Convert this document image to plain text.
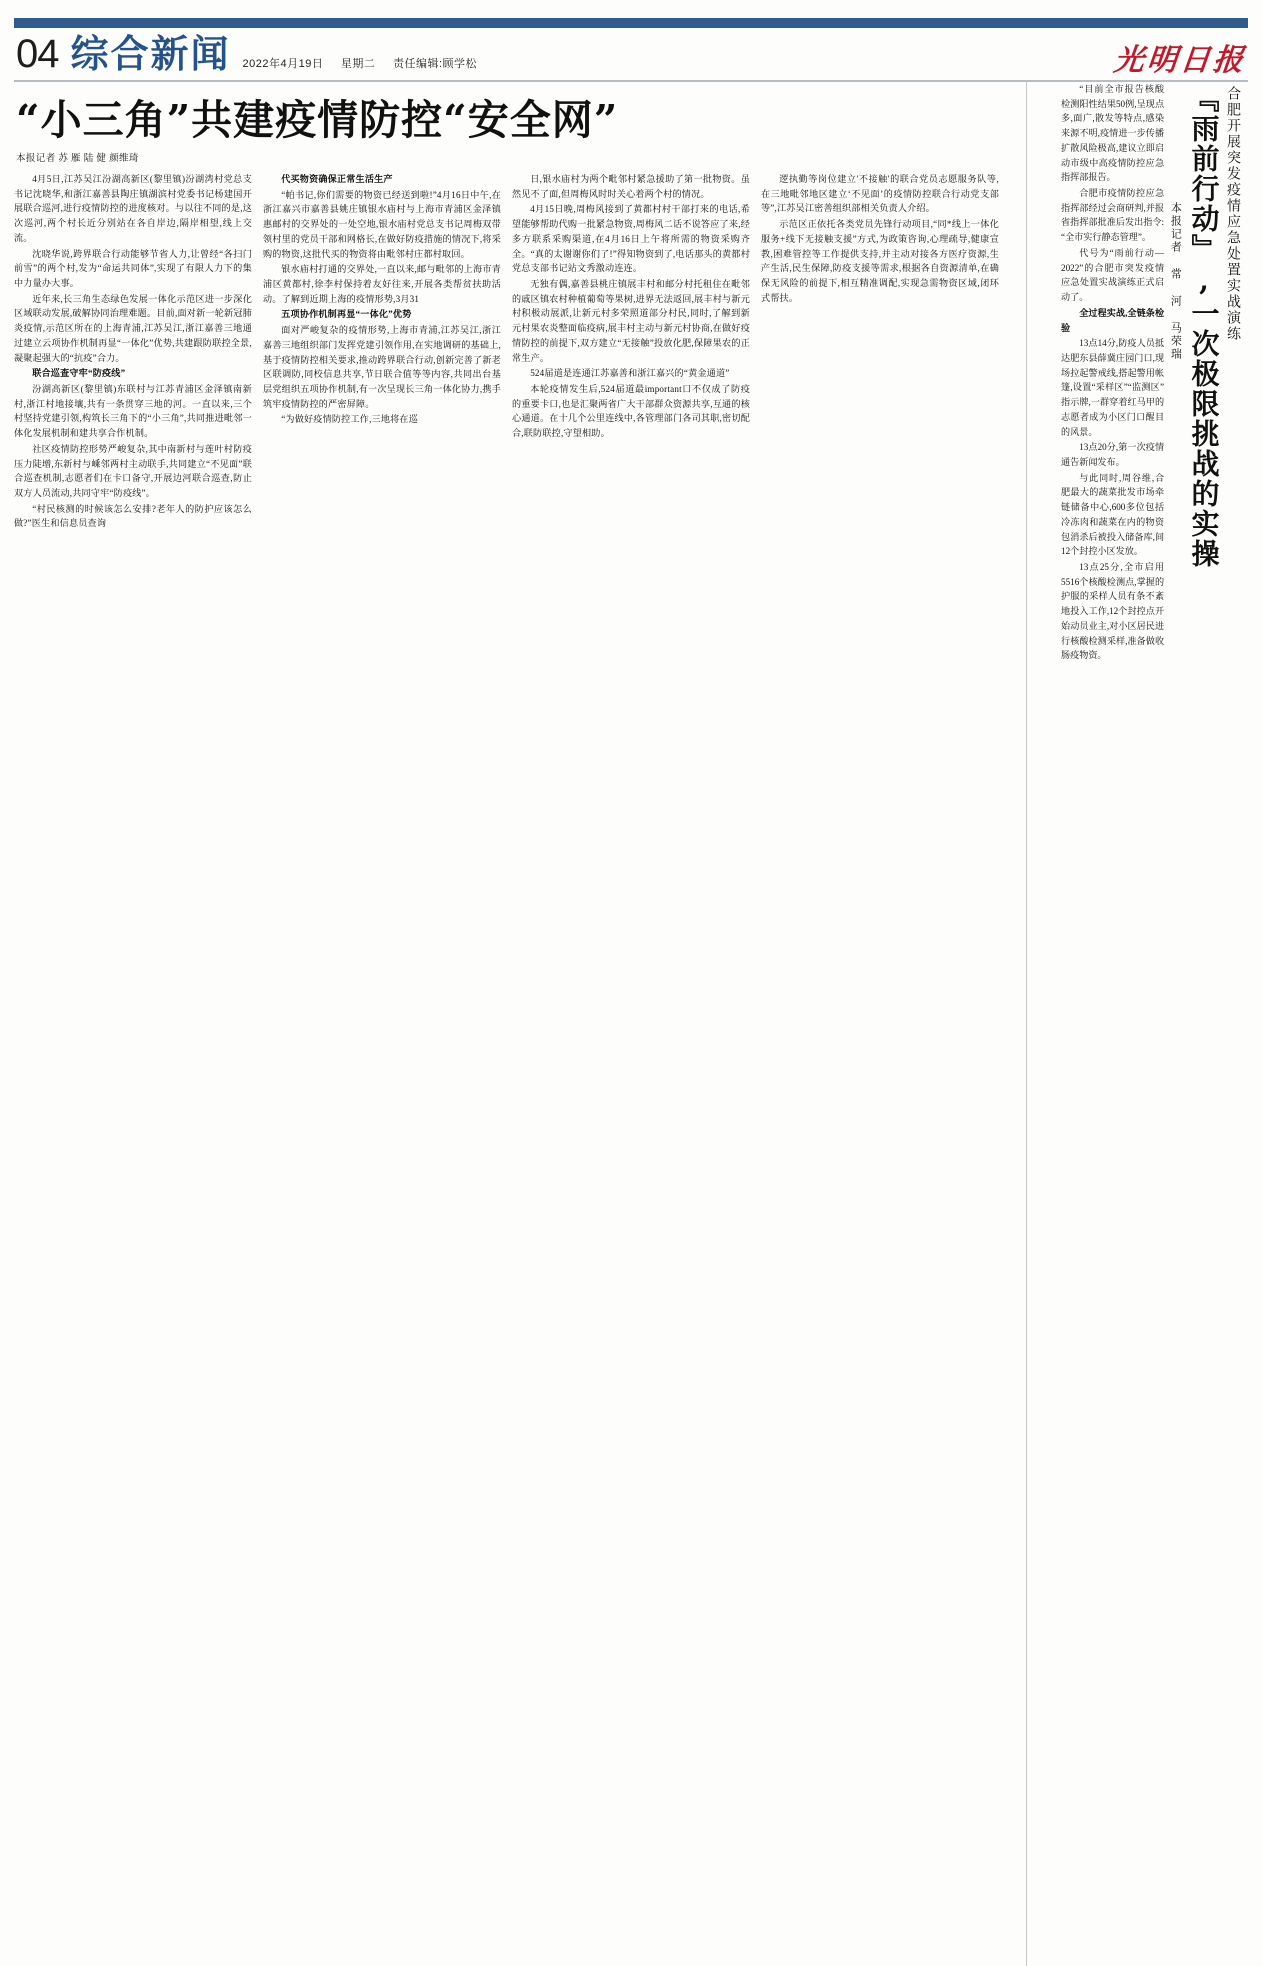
04 综合新闻 2022年4月19日 星期二 责任编辑:顾学松	光明日报
“小三角”共建疫情防控“安全网”
本报记者 苏 雁 陆 健 颜维琦

4月5日,江苏吴江汾湖高新区(黎里镇)汾湖湾村党总支书记沈晓华,和浙江嘉善县陶庄镇湖滨村党委书记杨建国开展联合巡河,进行疫情防控的进度核对。与以往不同的是,这次巡河,两个村长近分别站在各自岸边,隔岸相望,线上交流。

沈晓华说,跨界联合行动能够节省人力,让曾经“各扫门前雪”的两个村,发为“命运共同体”,实现了有限人力下的集中力量办大事。

近年来,长三角生态绿色发展一体化示范区进一步深化区域联动发展,破解协同治理难题。目前,面对新一轮新冠肺炎疫情,示范区所在的上海青浦,江苏吴江,浙江嘉善三地通过建立云项协作机制再显“一体化”优势,共建跟防联控全景,凝聚起强大的“抗疫”合力。

联合巡查守牢“防疫线”

汾湖高新区(黎里镇)东联村与江苏青浦区金泽镇南新村,浙江村地接壤,共有一条贯穿三地的河。一直以来,三个村坚持党建引领,构筑长三角下的“小三角”,共同推进毗邻一体化发展机制和建共享合作机制。

社区疫情防控形势严峻复杂,其中南新村与莲叶村防疫压力陡增,东新村与嵊邻两村主动联手,共同建立“不见面”联合巡查机制,志愿者们在卡口备守,开展边河联合巡查,防止双方人员流动,共同守牢“防疫线”。

“村民核测的时候该怎么安排?老年人的防护应该怎么做?”医生和信息员查询

代买物资确保正常生活生产

“帕书记,你们需要的物资已经送到啦!”4月16日中午,在浙江嘉兴市嘉善县姚庄镇银水庙村与上海市青浦区金泽镇惠邮村的交界处的一处空地,银水庙村党总支书记周梅双带领村里的党员干部和网格长,在做好防疫措施的情况下,将采购的物资,这批代买的物资将由毗邻村庄都村取回。

银水庙村打通的交界处,一直以来,邮与毗邻的上海市青浦区黄都村,徐李村保持着友好往来,开展各类帮贫扶助活动。了解到近期上海的疫情形势,3月31

五项协作机制再显“一体化”优势

面对严峻复杂的疫情形势,上海市青浦,江苏吴江,浙江嘉善三地组织部门发挥党建引领作用,在实地调研的基础上,基于疫情防控相关要求,推动跨界联合行动,创新完善了新老区联调防,同校信息共享,节日联合值等等内容,共同出台基层党组织五项协作机制,有一次呈现长三角一体化协力,携手筑牢疫情防控的严密屏障。

“为做好疫情防控工作,三地将在巡

日,银水庙村为两个毗邻村紧急援助了第一批物资。虽然见不了面,但周梅风时时关心着两个村的情况。

4月15日晚,周梅风接到了黄都村村干部打来的电话,希望能够帮助代购一批紧急物资,周梅风二话不说答应了来,经多方联系采购渠道,在4月16日上午将所需的物资采购齐全。“真的太谢谢你们了!”得知物资到了,电话那头的黄都村党总支部书记站文秀激动连连。

无独有偶,嘉善县桃庄镇展丰村和邮分村托租住在毗邻的戚区镇农村种植葡萄等果树,进界无法返回,展丰村与新元村积极动展派,让新元村多荣照道部分村民,同时,了解到新元村果农炎整面临疫病,展丰村主动与新元村协商,在做好疫情防控的前提下,双方建立“无接触”投放化肥,保障果农的正常生产。

524届道是连通江苏嘉善和浙江嘉兴的“黄金通道”

本轮疫情发生后,524届道最important口不仅成了防疫的重要卡口,也是汇聚两省广大干部群众资源共享,互通的核心通道。在十几个公里连线中,各管理部门各司其职,密切配合,联防联控,守望相助。

逻执勤等岗位建立'不接触'的联合党员志愿服务队等,在三地毗邻地区建立‘不见面’的疫情防控联合行动党支部等”,江苏吴江密善组织部相关负责人介绍。

示范区正依托各类党员先锋行动项目,“同*线上一体化服务+线下无接触支援”方式,为政策咨询,心理疏导,健康宣教,困难管控等工作提供支持,并主动对接各方医疗资源,生产生活,民生保障,防疫支援等需求,根据各自资源清单,在确保无风险的前提下,相互精准调配,实现急需物资区域,闭环式帮扶。	合肥开展突发疫情应急处置实战演练
『雨前行动』,一次极限挑战的实操
本报记者 常 河 马荣瑞

“目前全市报告核酸检测阳性结果50例,呈现点多,面广,散发等特点,感染来源不明,疫情进一步传播扩散风险极高,建议立即启动市级中高疫情防控应急指挥部报告。

合肥市疫情防控应急指挥部经过会商研判,并报省指挥部批准后发出指令:“全市实行静态管理”。

代号为“雨前行动—2022”的合肥市突发疫情应急处置实战演练正式启动了。

全过程实战,全链条检验

13点14分,防疫人员抵达肥东县薛冀庄园门口,现场拉起警戒线,搭起警用帐篷,设置“采样区”“监测区”指示牌,一群穿着红马甲的志愿者成为小区门口醒目的风景。

13点20分,第一次疫情通告新闻发布。

与此同时,周谷维,合肥最大的蔬菜批发市场牵链储备中心,600多位包括冷冻肉和蔬菜在内的物资包消杀后被投入储备库,间12个封控小区发放。

13点25分,全市启用5516个核酸检测点,掌握的护服的采样人员有条不紊地投入工作,12个封控点开始动员业主,对小区居民进行核酸检测采样,准备做收肠疫物资。
